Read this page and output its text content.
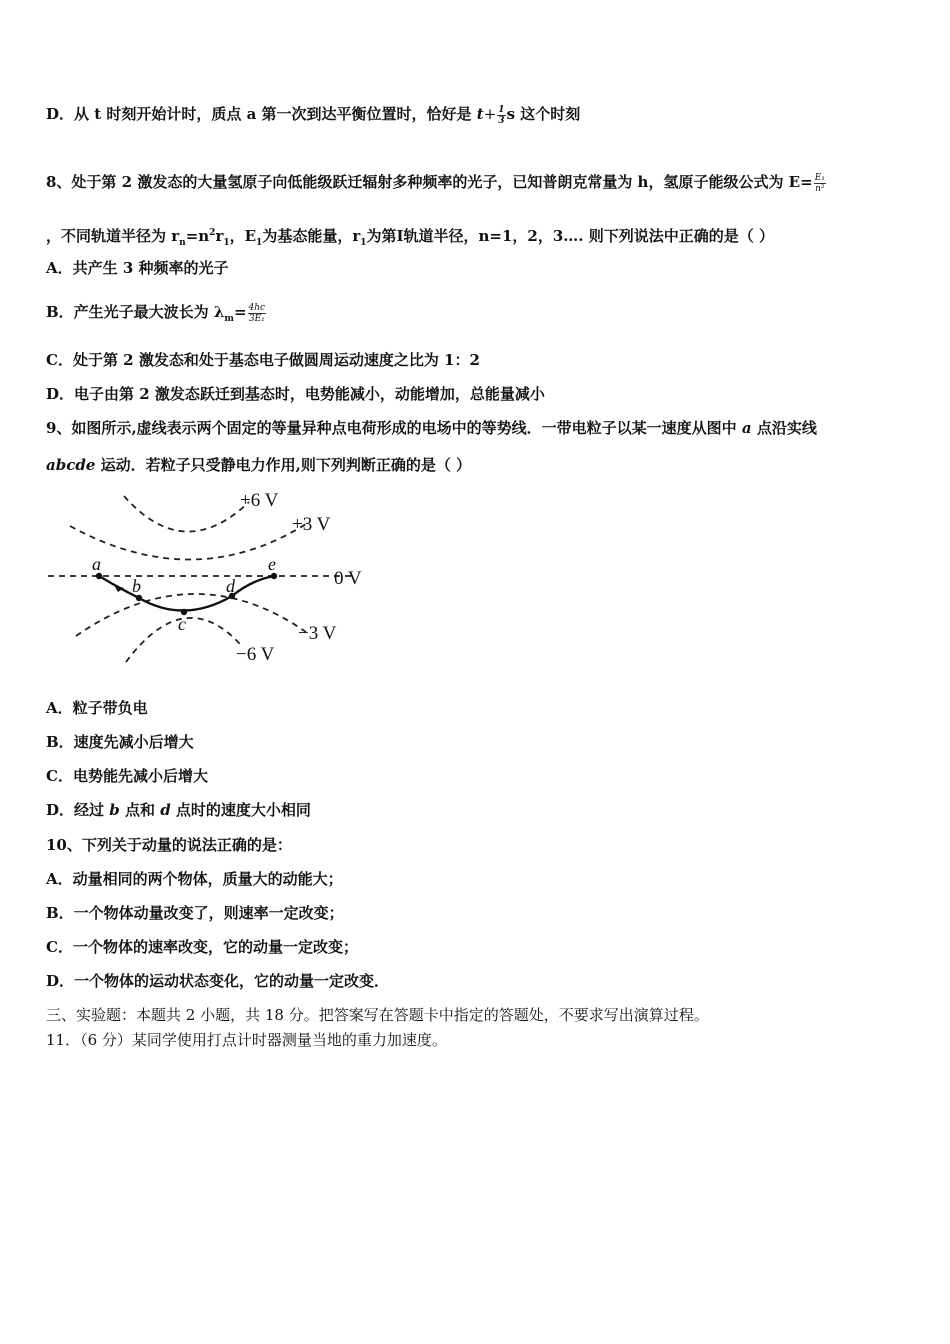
D．从 t 时刻开始计时，质点 a 第一次到达平衡位置时，恰好是 $t+ \frac{1}{3}$ s 这个时刻
8、处于第 2 激发态的大量氢原子向低能级跃迁辐射多种频率的光子，已知普朗克常量为 h，氢原子能级公式为 $E= \frac{\text{E₁}}{\text{n²}}$
，不同轨道半径为 $r_n=n^2r_1$，$E_1$为基态能量，$r_1$为第Ⅰ轨道半径，n=1，2，3…. 则下列说法中正确的是（ ）
A．共产生 3 种频率的光子
B．产生光子最大波长为 $\lambda_m= \frac{4hc}{\text{3E₁}}$
C．处于第 2 激发态和处于基态电子做圆周运动速度之比为 1：2
D．电子由第 2 激发态跃迁到基态时，电势能减小，动能增加，总能量减小
9、如图所示,虚线表示两个固定的等量异种点电荷形成的电场中的等势线．一带电粒子以某一速度从图中 a 点沿实线
abcde 运动．若粒子只受静电力作用,则下列判断正确的是（ ）
+6 V
+3 V
0 V
−3 V
−6 V
a
b
c
d
e
A．粒子带负电
B．速度先减小后增大
C．电势能先减小后增大
D．经过 b 点和 d 点时的速度大小相同
10、下列关于动量的说法正确的是：
A．动量相同的两个物体，质量大的动能大；
B．一个物体动量改变了，则速率一定改变；
C．一个物体的速率改变，它的动量一定改变；
D．一个物体的运动状态变化，它的动量一定改变．
三、实验题：本题共 2 小题，共 18 分。把答案写在答题卡中指定的答题处，不要求写出演算过程。
11．（6 分）某同学使用打点计时器测量当地的重力加速度。
